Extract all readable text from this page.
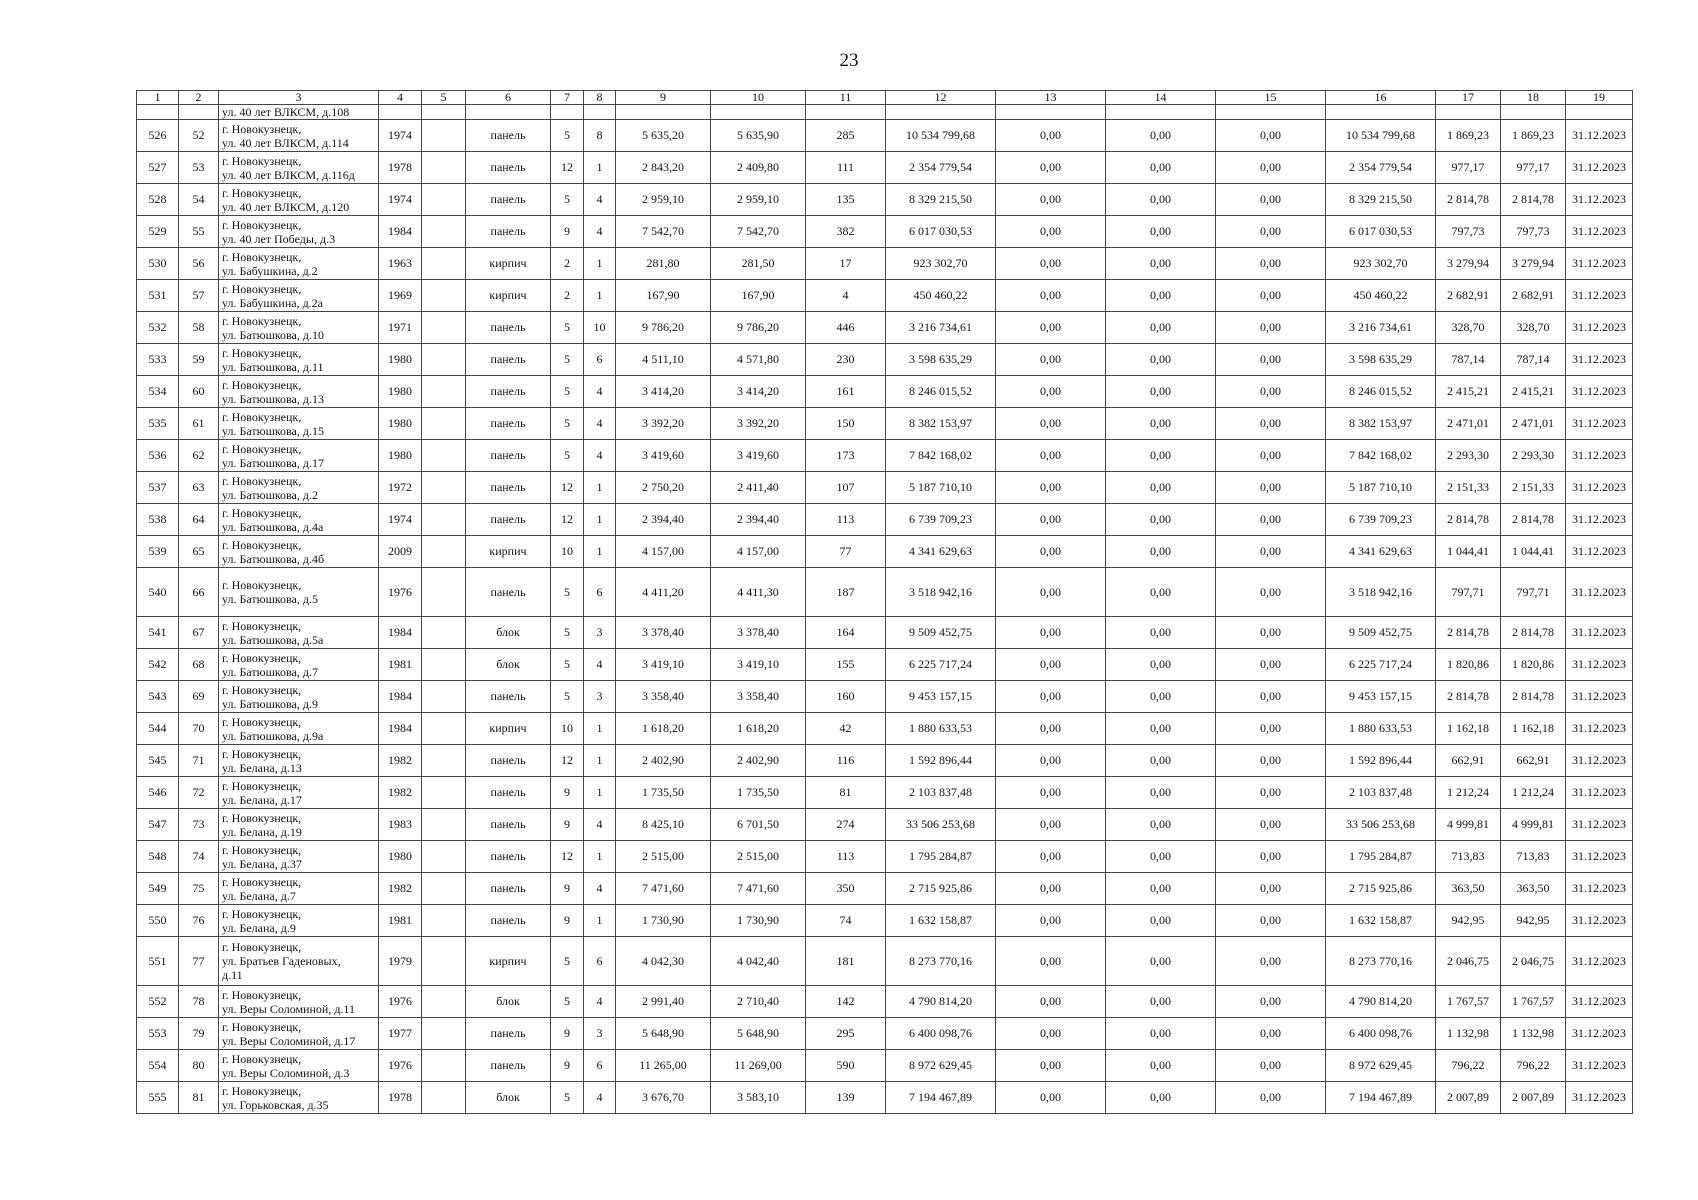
23
1	2	3	4	5	6	7	8	9	10	11	12	13	14	15	16	17	18	19
		ул. 40 лет ВЛКСМ, д.108																
526	52	г. Новокузнецк,
ул. 40 лет ВЛКСМ, д.114	1974		панель	5	8	5 635,20	5 635,90	285	10 534 799,68	0,00	0,00	0,00	10 534 799,68	1 869,23	1 869,23	31.12.2023
527	53	г. Новокузнецк,
ул. 40 лет ВЛКСМ, д.116д	1978		панель	12	1	2 843,20	2 409,80	111	2 354 779,54	0,00	0,00	0,00	2 354 779,54	977,17	977,17	31.12.2023
528	54	г. Новокузнецк,
ул. 40 лет ВЛКСМ, д.120	1974		панель	5	4	2 959,10	2 959,10	135	8 329 215,50	0,00	0,00	0,00	8 329 215,50	2 814,78	2 814,78	31.12.2023
529	55	г. Новокузнецк,
ул. 40 лет Победы, д.3	1984		панель	9	4	7 542,70	7 542,70	382	6 017 030,53	0,00	0,00	0,00	6 017 030,53	797,73	797,73	31.12.2023
530	56	г. Новокузнецк,
ул. Бабушкина, д.2	1963		кирпич	2	1	281,80	281,50	17	923 302,70	0,00	0,00	0,00	923 302,70	3 279,94	3 279,94	31.12.2023
531	57	г. Новокузнецк,
ул. Бабушкина, д.2а	1969		кирпич	2	1	167,90	167,90	4	450 460,22	0,00	0,00	0,00	450 460,22	2 682,91	2 682,91	31.12.2023
532	58	г. Новокузнецк,
ул. Батюшкова, д.10	1971		панель	5	10	9 786,20	9 786,20	446	3 216 734,61	0,00	0,00	0,00	3 216 734,61	328,70	328,70	31.12.2023
533	59	г. Новокузнецк,
ул. Батюшкова, д.11	1980		панель	5	6	4 511,10	4 571,80	230	3 598 635,29	0,00	0,00	0,00	3 598 635,29	787,14	787,14	31.12.2023
534	60	г. Новокузнецк,
ул. Батюшкова, д.13	1980		панель	5	4	3 414,20	3 414,20	161	8 246 015,52	0,00	0,00	0,00	8 246 015,52	2 415,21	2 415,21	31.12.2023
535	61	г. Новокузнецк,
ул. Батюшкова, д.15	1980		панель	5	4	3 392,20	3 392,20	150	8 382 153,97	0,00	0,00	0,00	8 382 153,97	2 471,01	2 471,01	31.12.2023
536	62	г. Новокузнецк,
ул. Батюшкова, д.17	1980		панель	5	4	3 419,60	3 419,60	173	7 842 168,02	0,00	0,00	0,00	7 842 168,02	2 293,30	2 293,30	31.12.2023
537	63	г. Новокузнецк,
ул. Батюшкова, д.2	1972		панель	12	1	2 750,20	2 411,40	107	5 187 710,10	0,00	0,00	0,00	5 187 710,10	2 151,33	2 151,33	31.12.2023
538	64	г. Новокузнецк,
ул. Батюшкова, д.4а	1974		панель	12	1	2 394,40	2 394,40	113	6 739 709,23	0,00	0,00	0,00	6 739 709,23	2 814,78	2 814,78	31.12.2023
539	65	г. Новокузнецк,
ул. Батюшкова, д.4б	2009		кирпич	10	1	4 157,00	4 157,00	77	4 341 629,63	0,00	0,00	0,00	4 341 629,63	1 044,41	1 044,41	31.12.2023
540	66	г. Новокузнецк,
ул. Батюшкова, д.5	1976		панель	5	6	4 411,20	4 411,30	187	3 518 942,16	0,00	0,00	0,00	3 518 942,16	797,71	797,71	31.12.2023
541	67	г. Новокузнецк,
ул. Батюшкова, д.5а	1984		блок	5	3	3 378,40	3 378,40	164	9 509 452,75	0,00	0,00	0,00	9 509 452,75	2 814,78	2 814,78	31.12.2023
542	68	г. Новокузнецк,
ул. Батюшкова, д.7	1981		блок	5	4	3 419,10	3 419,10	155	6 225 717,24	0,00	0,00	0,00	6 225 717,24	1 820,86	1 820,86	31.12.2023
543	69	г. Новокузнецк,
ул. Батюшкова, д.9	1984		панель	5	3	3 358,40	3 358,40	160	9 453 157,15	0,00	0,00	0,00	9 453 157,15	2 814,78	2 814,78	31.12.2023
544	70	г. Новокузнецк,
ул. Батюшкова, д.9а	1984		кирпич	10	1	1 618,20	1 618,20	42	1 880 633,53	0,00	0,00	0,00	1 880 633,53	1 162,18	1 162,18	31.12.2023
545	71	г. Новокузнецк,
ул. Белана, д.13	1982		панель	12	1	2 402,90	2 402,90	116	1 592 896,44	0,00	0,00	0,00	1 592 896,44	662,91	662,91	31.12.2023
546	72	г. Новокузнецк,
ул. Белана, д.17	1982		панель	9	1	1 735,50	1 735,50	81	2 103 837,48	0,00	0,00	0,00	2 103 837,48	1 212,24	1 212,24	31.12.2023
547	73	г. Новокузнецк,
ул. Белана, д.19	1983		панель	9	4	8 425,10	6 701,50	274	33 506 253,68	0,00	0,00	0,00	33 506 253,68	4 999,81	4 999,81	31.12.2023
548	74	г. Новокузнецк,
ул. Белана, д.37	1980		панель	12	1	2 515,00	2 515,00	113	1 795 284,87	0,00	0,00	0,00	1 795 284,87	713,83	713,83	31.12.2023
549	75	г. Новокузнецк,
ул. Белана, д.7	1982		панель	9	4	7 471,60	7 471,60	350	2 715 925,86	0,00	0,00	0,00	2 715 925,86	363,50	363,50	31.12.2023
550	76	г. Новокузнецк,
ул. Белана, д.9	1981		панель	9	1	1 730,90	1 730,90	74	1 632 158,87	0,00	0,00	0,00	1 632 158,87	942,95	942,95	31.12.2023
551	77	г. Новокузнецк,
ул. Братьев Гаденовых,
д.11	1979		кирпич	5	6	4 042,30	4 042,40	181	8 273 770,16	0,00	0,00	0,00	8 273 770,16	2 046,75	2 046,75	31.12.2023
552	78	г. Новокузнецк,
ул. Веры Соломиной, д.11	1976		блок	5	4	2 991,40	2 710,40	142	4 790 814,20	0,00	0,00	0,00	4 790 814,20	1 767,57	1 767,57	31.12.2023
553	79	г. Новокузнецк,
ул. Веры Соломиной, д.17	1977		панель	9	3	5 648,90	5 648,90	295	6 400 098,76	0,00	0,00	0,00	6 400 098,76	1 132,98	1 132,98	31.12.2023
554	80	г. Новокузнецк,
ул. Веры Соломиной, д.3	1976		панель	9	6	11 265,00	11 269,00	590	8 972 629,45	0,00	0,00	0,00	8 972 629,45	796,22	796,22	31.12.2023
555	81	г. Новокузнецк,
ул. Горьковская, д.35	1978		блок	5	4	3 676,70	3 583,10	139	7 194 467,89	0,00	0,00	0,00	7 194 467,89	2 007,89	2 007,89	31.12.2023
